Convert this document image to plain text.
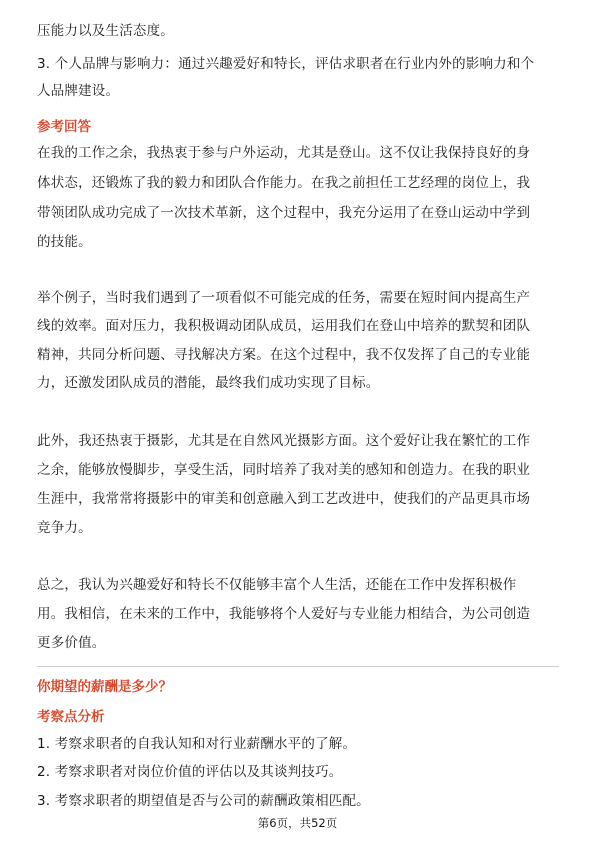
压能力以及生活态度。
3. 个人品牌与影响力：通过兴趣爱好和特长，评估求职者在行业内外的影响力和个
人品牌建设。
参考回答
在我的工作之余，我热衷于参与户外运动，尤其是登山。这不仅让我保持良好的身
体状态，还锻炼了我的毅力和团队合作能力。在我之前担任工艺经理的岗位上，我
带领团队成功完成了一次技术革新，这个过程中，我充分运用了在登山运动中学到
的技能。
举个例子，当时我们遇到了一项看似不可能完成的任务，需要在短时间内提高生产
线的效率。面对压力，我积极调动团队成员，运用我们在登山中培养的默契和团队
精神，共同分析问题、寻找解决方案。在这个过程中，我不仅发挥了自己的专业能
力，还激发团队成员的潜能，最终我们成功实现了目标。
此外，我还热衷于摄影，尤其是在自然风光摄影方面。这个爱好让我在繁忙的工作
之余，能够放慢脚步，享受生活，同时培养了我对美的感知和创造力。在我的职业
生涯中，我常常将摄影中的审美和创意融入到工艺改进中，使我们的产品更具市场
竞争力。
总之，我认为兴趣爱好和特长不仅能够丰富个人生活，还能在工作中发挥积极作
用。我相信，在未来的工作中，我能够将个人爱好与专业能力相结合，为公司创造
更多价值。
你期望的薪酬是多少？
考察点分析
1. 考察求职者的自我认知和对行业薪酬水平的了解。
2. 考察求职者对岗位价值的评估以及其谈判技巧。
3. 考察求职者的期望值是否与公司的薪酬政策相匹配。
第6页，共52页
